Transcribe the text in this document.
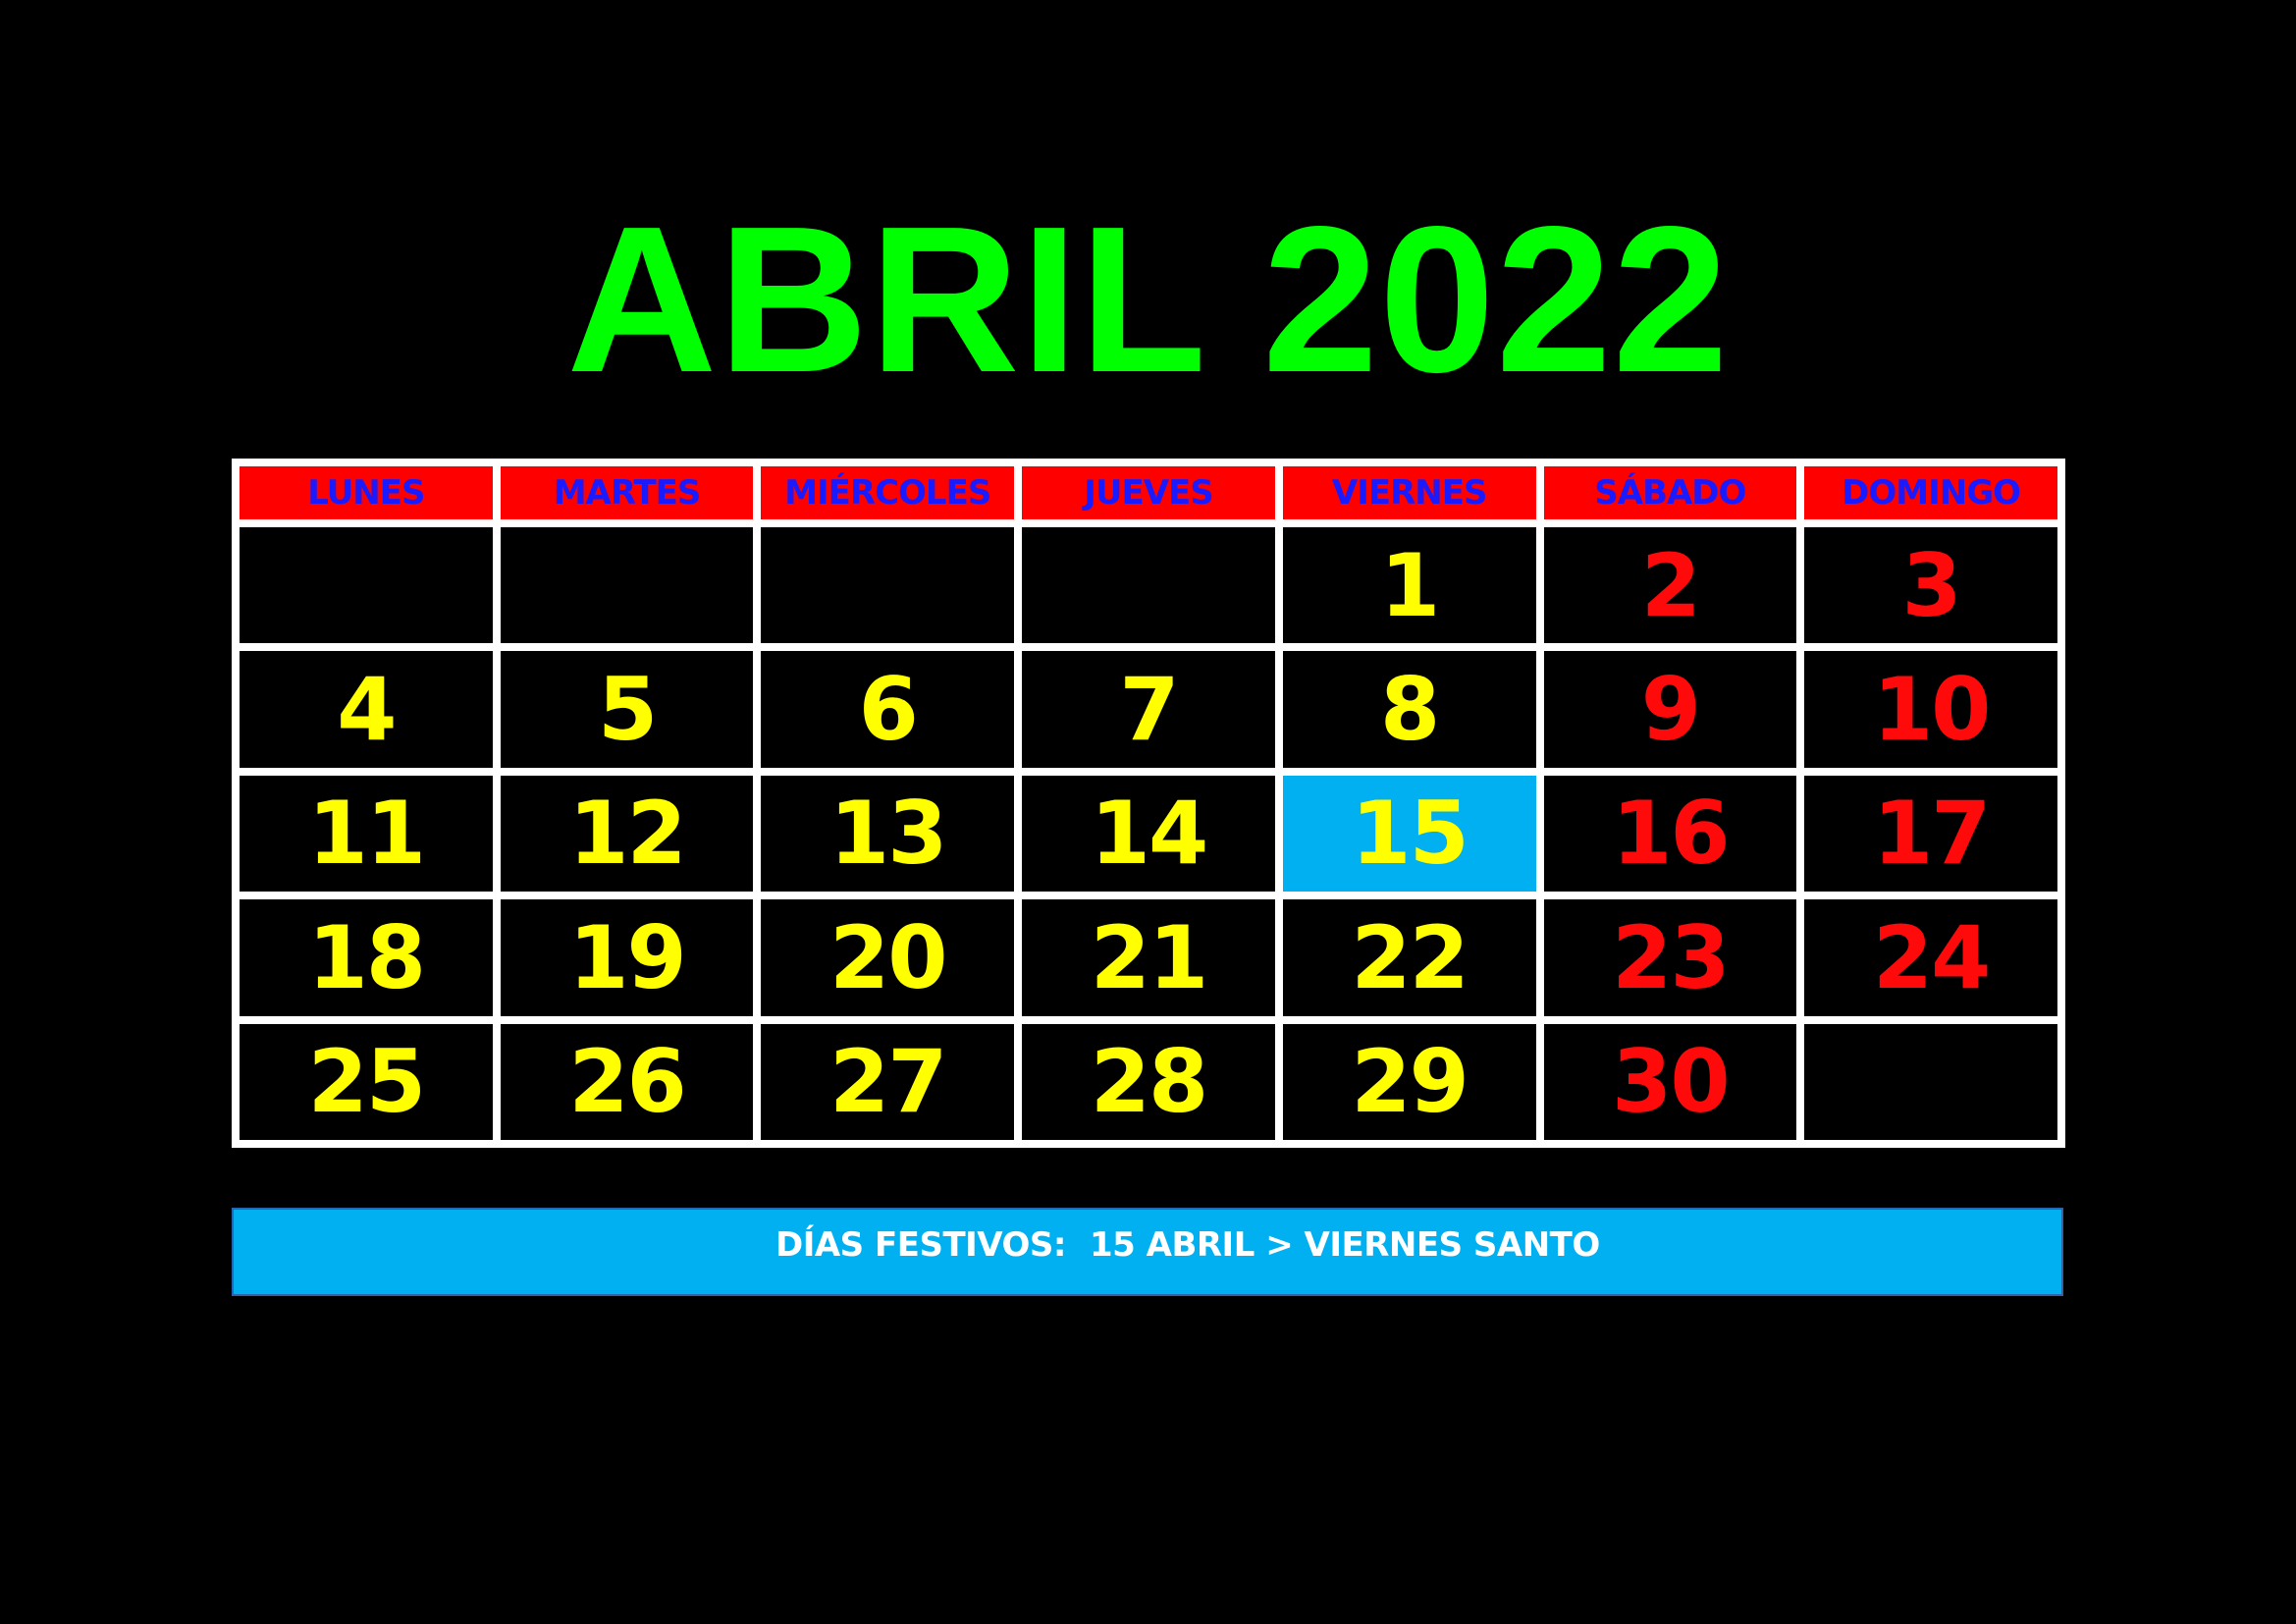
ABRIL 2022
LUNES	MARTES	MIÉRCOLES	JUEVES	VIERNES	SÁBADO	DOMINGO
				1	2	3
4	5	6	7	8	9	10
11	12	13	14	15	16	17
18	19	20	21	22	23	24
25	26	27	28	29	30	
DÍAS FESTIVOS: 15 ABRIL > VIERNES SANTO
